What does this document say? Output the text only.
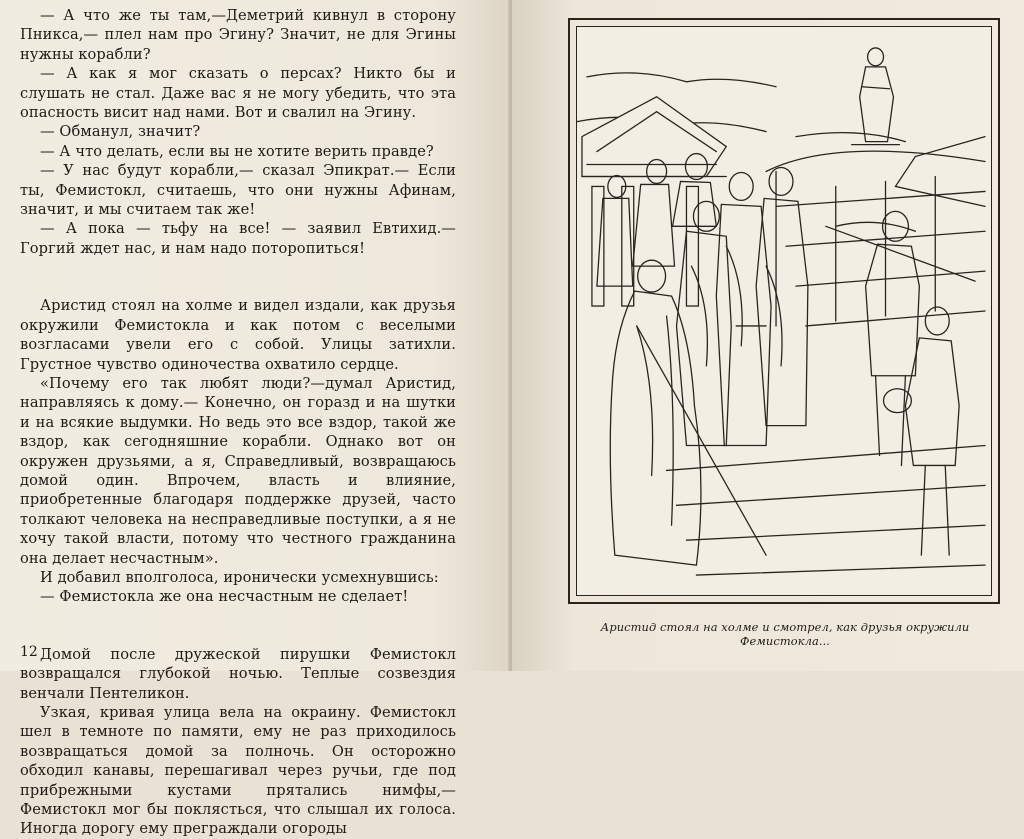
— А что же ты там,—Деметрий кивнул в сторону Пникса,— плел нам про Эгину? Значит, не для Эгины нужны корабли?

— А как я мог сказать о персах? Никто бы и слушать не стал. Даже вас я не могу убедить, что эта опасность висит над нами. Вот и свалил на Эгину.

— Обманул, значит?

— А что делать, если вы не хотите верить правде?

— У нас будут корабли,— сказал Эпикрат.— Если ты, Фемистокл, считаешь, что они нужны Афинам, значит, и мы считаем так же!

— А пока — тьфу на все! — заявил Евтихид.— Горгий ждет нас, и нам надо поторопиться!

Аристид стоял на холме и видел издали, как друзья окружили Фемистокла и как потом с веселыми возгласами увели его с собой. Улицы затихли. Грустное чувство одиночества охватило сердце.

«Почему его так любят люди?—думал Аристид, направляясь к дому.— Конечно, он горазд и на шутки и на всякие выдумки. Но ведь это все вздор, такой же вздор, как сегодняшние корабли. Однако вот он окружен друзьями, а я, Справедливый, возвращаюсь домой один. Впрочем, власть и влияние, приобретенные благодаря поддержке друзей, часто толкают человека на несправедливые поступки, а я не хочу такой власти, потому что честного гражданина она делает несчастным».

И добавил вполголоса, иронически усмехнувшись:

— Фемистокла же она несчастным не сделает!

Домой после дружеской пирушки Фемистокл возвращался глубокой ночью. Теплые созвездия венчали Пентеликон.

Узкая, кривая улица вела на окраину. Фемистокл шел в темноте по памяти, ему не раз приходилось возвращаться домой за полночь. Он осторожно обходил канавы, перешагивал через ручьи, где под прибрежными кустами прятались нимфы,— Фемистокл мог бы поклясться, что слышал их голоса. Иногда дорогу ему преграждали огороды

12
Аристид стоял на холме и смотрел, как друзья окружили Фемистокла...
